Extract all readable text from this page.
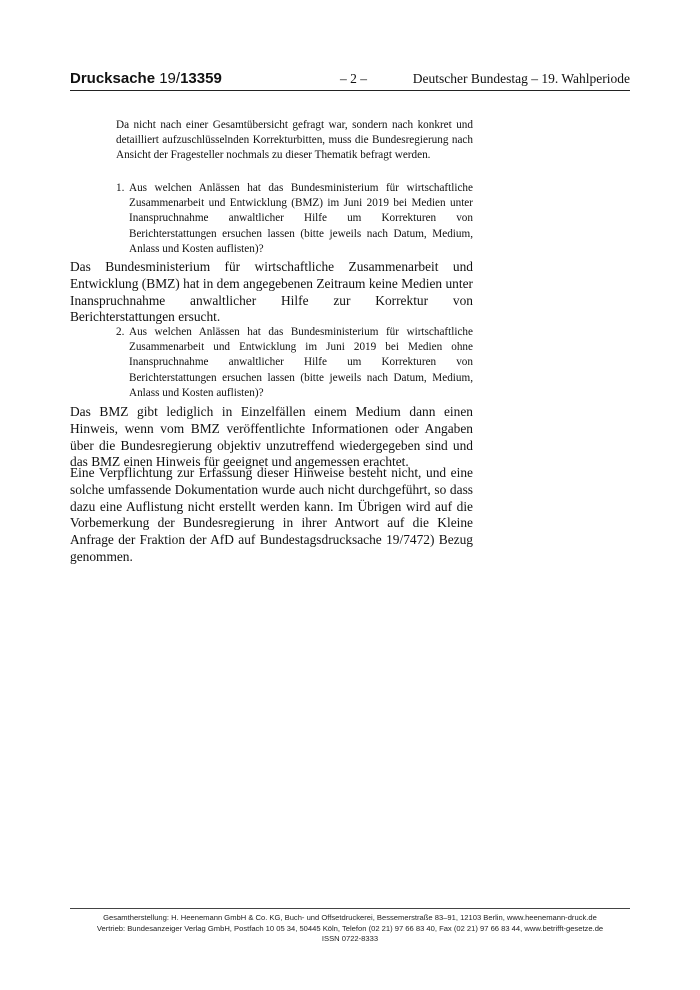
Drucksache 19/13359	– 2 –	Deutscher Bundestag – 19. Wahlperiode
Da nicht nach einer Gesamtübersicht gefragt war, sondern nach konkret und detailliert aufzuschlüsselnden Korrekturbitten, muss die Bundesregierung nach Ansicht der Fragesteller nochmals zu dieser Thematik befragt werden.
1. Aus welchen Anlässen hat das Bundesministerium für wirtschaftliche Zusammenarbeit und Entwicklung (BMZ) im Juni 2019 bei Medien unter Inanspruchnahme anwaltlicher Hilfe um Korrekturen von Berichterstattungen ersuchen lassen (bitte jeweils nach Datum, Medium, Anlass und Kosten auflisten)?

Das Bundesministerium für wirtschaftliche Zusammenarbeit und Entwicklung (BMZ) hat in dem angegebenen Zeitraum keine Medien unter Inanspruchnahme anwaltlicher Hilfe zur Korrektur von Berichterstattungen ersucht.

2. Aus welchen Anlässen hat das Bundesministerium für wirtschaftliche Zusammenarbeit und Entwicklung im Juni 2019 bei Medien ohne Inanspruchnahme anwaltlicher Hilfe um Korrekturen von Berichterstattungen ersuchen lassen (bitte jeweils nach Datum, Medium, Anlass und Kosten auflisten)?

Das BMZ gibt lediglich in Einzelfällen einem Medium dann einen Hinweis, wenn vom BMZ veröffentlichte Informationen oder Angaben über die Bundesregierung objektiv unzutreffend wiedergegeben sind und das BMZ einen Hinweis für geeignet und angemessen erachtet.

Eine Verpflichtung zur Erfassung dieser Hinweise besteht nicht, und eine solche umfassende Dokumentation wurde auch nicht durchgeführt, so dass dazu eine Auflistung nicht erstellt werden kann. Im Übrigen wird auf die Vorbemerkung der Bundesregierung in ihrer Antwort auf die Kleine Anfrage der Fraktion der AfD auf Bundestagsdrucksache 19/7472) Bezug genommen.

Gesamtherstellung: H. Heenemann GmbH & Co. KG, Buch- und Offsetdruckerei, Bessemerstraße 83–91, 12103 Berlin, www.heenemann-druck.de
Vertrieb: Bundesanzeiger Verlag GmbH, Postfach 10 05 34, 50445 Köln, Telefon (02 21) 97 66 83 40, Fax (02 21) 97 66 83 44, www.betrifft-gesetze.de
ISSN 0722-8333
